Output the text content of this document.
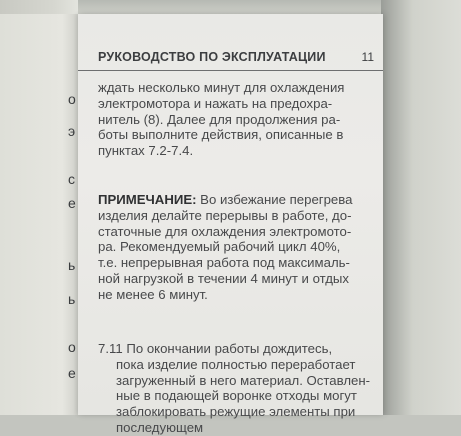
о
э
с
е
ь
ь
о
е
РУКОВОДСТВО ПО ЭКСПЛУАТАЦИИ	11
ждать несколько минут для охлаждения
электромотора и нажать на предохра-
нитель (8). Далее для продолжения ра-
боты выполните действия, описанные в
пунктах 7.2-7.4.
ПРИМЕЧАНИЕ: Во избежание перегрева
изделия делайте перерывы в работе, до-
статочные для охлаждения электромото-
ра. Рекомендуемый рабочий цикл 40%,
т.е. непрерывная работа под максималь-
ной нагрузкой в течении 4 минут и отдых
не менее 6 минут.
7.11 По окончании работы дождитесь,
пока изделие полностью переработает
загруженный в него материал. Оставлен-
ные в подающей воронке отходы могут
заблокировать режущие элементы при
последующем
